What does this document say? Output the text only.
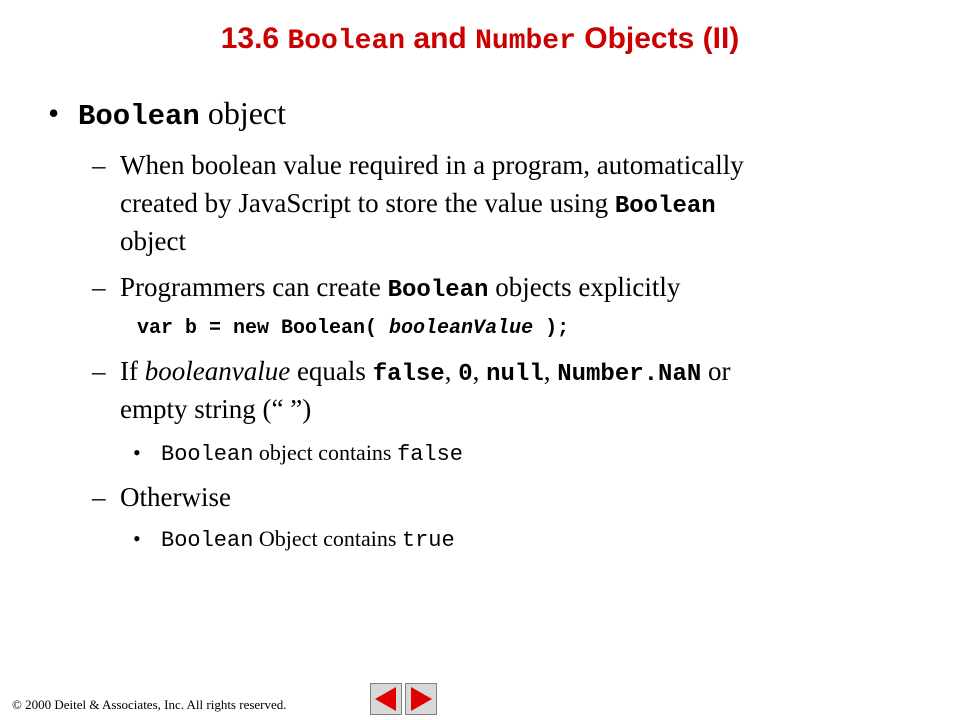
13.6 Boolean and Number Objects (II)
• Boolean object
– When boolean value required in a program, automatically
created by JavaScript to store the value using Boolean
object
– Programmers can create Boolean objects explicitly
var b = new Boolean( booleanValue );
– If booleanvalue equals false, 0, null, Number.NaN or
empty string (“ ”)
• Boolean object contains false
– Otherwise
• Boolean Object contains true
© 2000 Deitel & Associates, Inc. All rights reserved.
